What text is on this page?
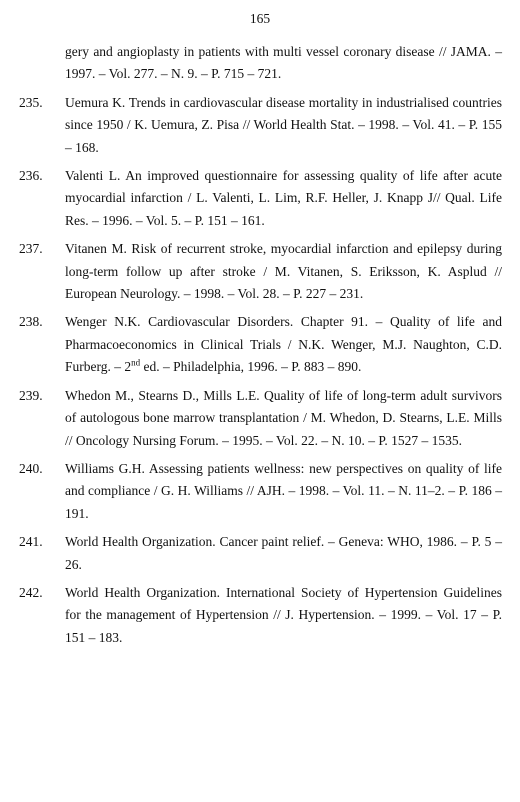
165
gery and angioplasty in patients with multi vessel coronary disease // JAMA. – 1997. – Vol. 277. – N. 9. – P. 715 – 721.
235. Uemura K. Trends in cardiovascular disease mortality in industrialised countries since 1950 / K. Uemura, Z. Pisa // World Health Stat. – 1998. – Vol. 41. – P. 155 – 168.
236. Valenti L. An improved questionnaire for assessing quality of life after acute myocardial infarction / L. Valenti, L. Lim, R.F. Heller, J. Knapp J// Qual. Life Res. – 1996. – Vol. 5. – P. 151 – 161.
237. Vitanen M. Risk of recurrent stroke, myocardial infarction and epilepsy during long-term follow up after stroke / M. Vitanen, S. Eriksson, K. Asplud // European Neurology. – 1998. – Vol. 28. – P. 227 – 231.
238. Wenger N.K. Cardiovascular Disorders. Chapter 91. – Quality of life and Pharmacoeconomics in Clinical Trials / N.K. Wenger, M.J. Naughton, C.D. Furberg. – 2nd ed. – Philadelphia, 1996. – P. 883 – 890.
239. Whedon M., Stearns D., Mills L.E. Quality of life of long-term adult survivors of autologous bone marrow transplantation / M. Whedon, D. Stearns, L.E. Mills // Oncology Nursing Forum. – 1995. – Vol. 22. – N. 10. – P. 1527 – 1535.
240. Williams G.H. Assessing patients wellness: new perspectives on quality of life and compliance / G. H. Williams // AJH. – 1998. – Vol. 11. – N. 11–2. – P. 186 – 191.
241. World Health Organization. Cancer paint relief. – Geneva: WHO, 1986. – P. 5 – 26.
242. World Health Organization. International Society of Hypertension Guidelines for the management of Hypertension // J. Hypertension. – 1999. – Vol. 17 – P. 151 – 183.
